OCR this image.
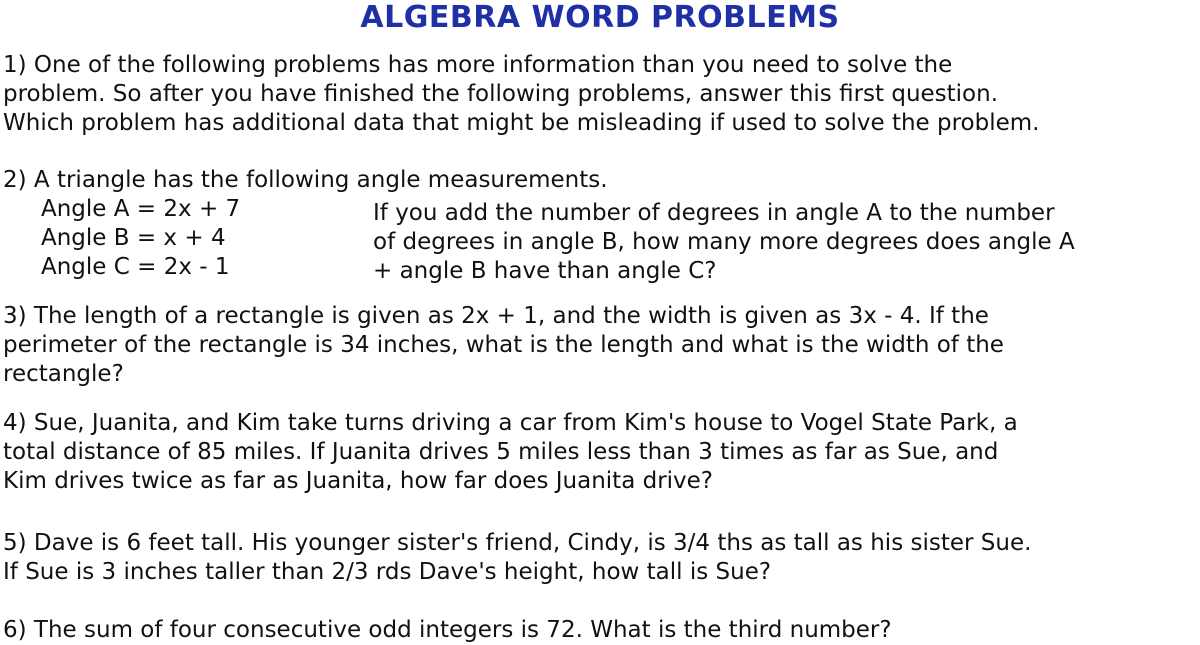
ALGEBRA WORD PROBLEMS
1) One of the following problems has more information than you need to solve the
problem. So after you have finished the following problems, answer this first question.
Which problem has additional data that might be misleading if used to solve the problem.
2) A triangle has the following angle measurements.
Angle A = 2x + 7
Angle B = x + 4
Angle C = 2x - 1
If you add the number of degrees in angle A to the number
of degrees in angle B, how many more degrees does angle A
+ angle B have than angle C?
3) The length of a rectangle is given as 2x + 1, and the width is given as 3x - 4. If the
perimeter of the rectangle is 34 inches, what is the length and what is the width of the
rectangle?
4) Sue, Juanita, and Kim take turns driving a car from Kim's house to Vogel State Park, a
total distance of 85 miles. If Juanita drives 5 miles less than 3 times as far as Sue, and
Kim drives twice as far as Juanita, how far does Juanita drive?
5) Dave is 6 feet tall. His younger sister's friend, Cindy, is 3/4 ths as tall as his sister Sue.
If Sue is 3 inches taller than 2/3 rds Dave's height, how tall is Sue?
6) The sum of four consecutive odd integers is 72. What is the third number?
